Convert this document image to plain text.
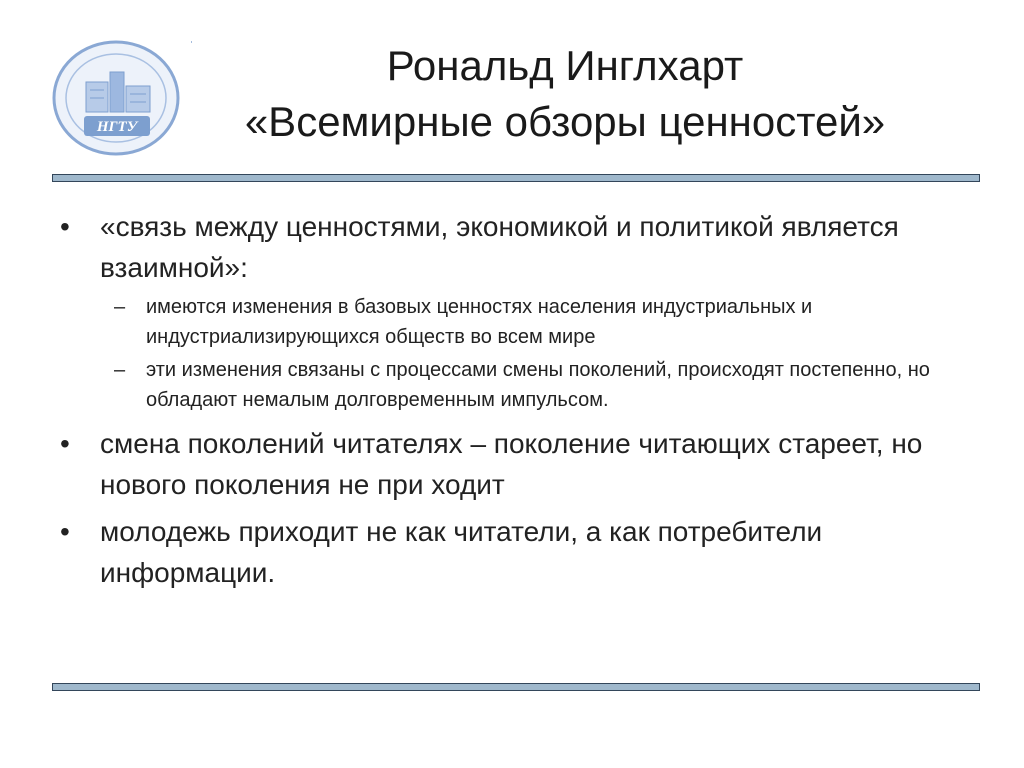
НГТУ
Рональд Инглхарт
«Всемирные обзоры ценностей»
• «связь между ценностями, экономикой и политикой является взаимной»:
– имеются изменения в базовых ценностях населения индустриальных и индустриализирующихся обществ во всем мире
– эти изменения связаны с процессами смены поколений, происходят постепенно, но обладают немалым долговременным импульсом.
• смена поколений читателях – поколение читающих стареет, но нового поколения не при ходит
• молодежь приходит не как читатели, а как потребители информации.
